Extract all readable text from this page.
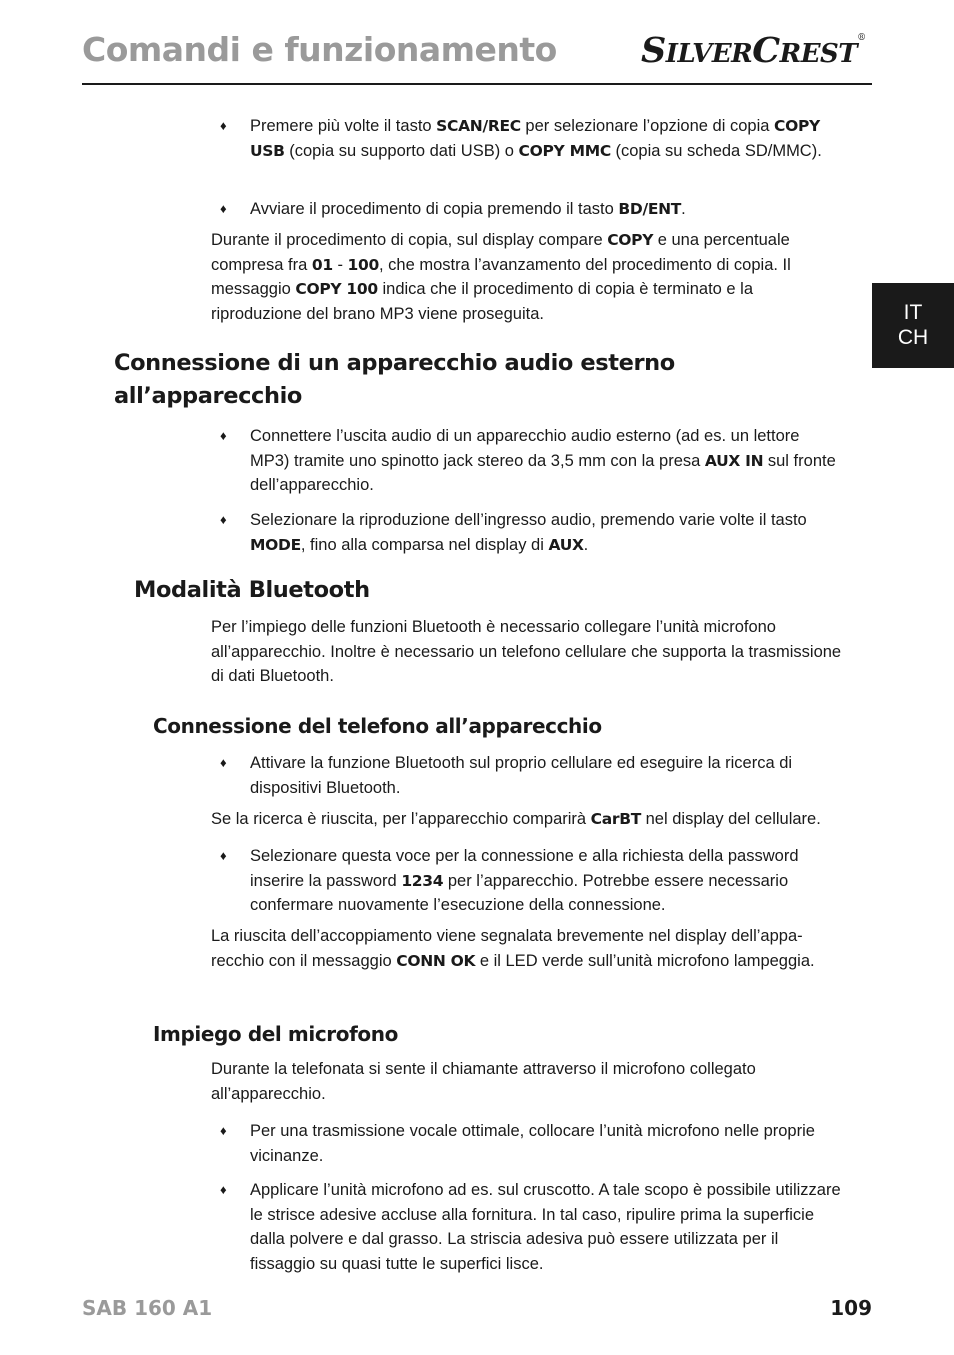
Comandi e funzionamento SILVERCREST®
IT
CH
♦ Premere più volte il tasto SCAN/REC per selezionare l’opzione di copia COPY USB (copia su supporto dati USB) o COPY MMC (copia su scheda SD/MMC).
♦ Avviare il procedimento di copia premendo il tasto BD/ENT.
Durante il procedimento di copia, sul display compare COPY e una percentuale compresa fra 01 - 100, che mostra l’avanzamento del procedimento di copia. Il messaggio COPY 100 indica che il procedimento di copia è terminato e la riproduzione del brano MP3 viene proseguita.
Connessione di un apparecchio audio esterno all’apparecchio
♦ Connettere l’uscita audio di un apparecchio audio esterno (ad es. un lettore MP3) tramite uno spinotto jack stereo da 3,5 mm con la presa AUX IN sul fronte dell’apparecchio.
♦ Selezionare la riproduzione dell’ingresso audio, premendo varie volte il tasto MODE, fino alla comparsa nel display di AUX.
Modalità Bluetooth
Per l’impiego delle funzioni Bluetooth è necessario collegare l’unità microfono all’apparecchio. Inoltre è necessario un telefono cellulare che supporta la trasmissione di dati Bluetooth.
Connessione del telefono all’apparecchio
♦ Attivare la funzione Bluetooth sul proprio cellulare ed eseguire la ricerca di dispositivi Bluetooth.
Se la ricerca è riuscita, per l’apparecchio comparirà CarBT nel display del cellulare.
♦ Selezionare questa voce per la connessione e alla richiesta della password inserire la password 1234 per l’apparecchio. Potrebbe essere necessario confermare nuovamente l’esecuzione della connessione.
La riuscita dell’accoppiamento viene segnalata brevemente nel display dell’appa-recchio con il messaggio CONN OK e il LED verde sull’unità microfono lampeggia.
Impiego del microfono
Durante la telefonata si sente il chiamante attraverso il microfono collegato all’apparecchio.
♦ Per una trasmissione vocale ottimale, collocare l’unità microfono nelle proprie vicinanze.
♦ Applicare l’unità microfono ad es. sul cruscotto. A tale scopo è possibile utilizzare le strisce adesive accluse alla fornitura. In tal caso, ripulire prima la superficie dalla polvere e dal grasso. La striscia adesiva può essere utilizzata per il fissaggio su quasi tutte le superfici lisce.
SAB 160 A1	109
